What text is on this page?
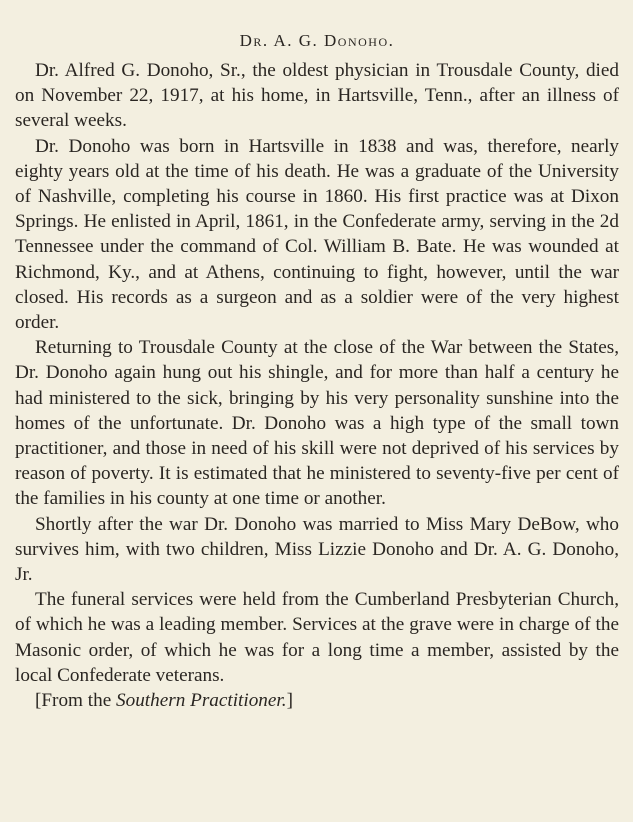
Dr. A. G. Donoho.

Dr. Alfred G. Donoho, Sr., the oldest physician in Trousdale County, died on November 22, 1917, at his home, in Hartsville, Tenn., after an illness of several weeks.

Dr. Donoho was born in Hartsville in 1838 and was, therefore, nearly eighty years old at the time of his death. He was a graduate of the University of Nashville, completing his course in 1860. His first practice was at Dixon Springs. He enlisted in April, 1861, in the Confederate army, serving in the 2d Tennessee under the command of Col. William B. Bate. He was wounded at Richmond, Ky., and at Athens, continuing to fight, however, until the war closed. His records as a surgeon and as a soldier were of the very highest order.

Returning to Trousdale County at the close of the War between the States, Dr. Donoho again hung out his shingle, and for more than half a century he had ministered to the sick, bringing by his very personality sunshine into the homes of the unfortunate. Dr. Donoho was a high type of the small town practitioner, and those in need of his skill were not deprived of his services by reason of poverty. It is estimated that he ministered to seventy-five per cent of the families in his county at one time or another.

Shortly after the war Dr. Donoho was married to Miss Mary DeBow, who survives him, with two children, Miss Lizzie Donoho and Dr. A. G. Donoho, Jr.

The funeral services were held from the Cumberland Presbyterian Church, of which he was a leading member. Services at the grave were in charge of the Masonic order, of which he was for a long time a member, assisted by the local Confederate veterans.

[From the Southern Practitioner.]
